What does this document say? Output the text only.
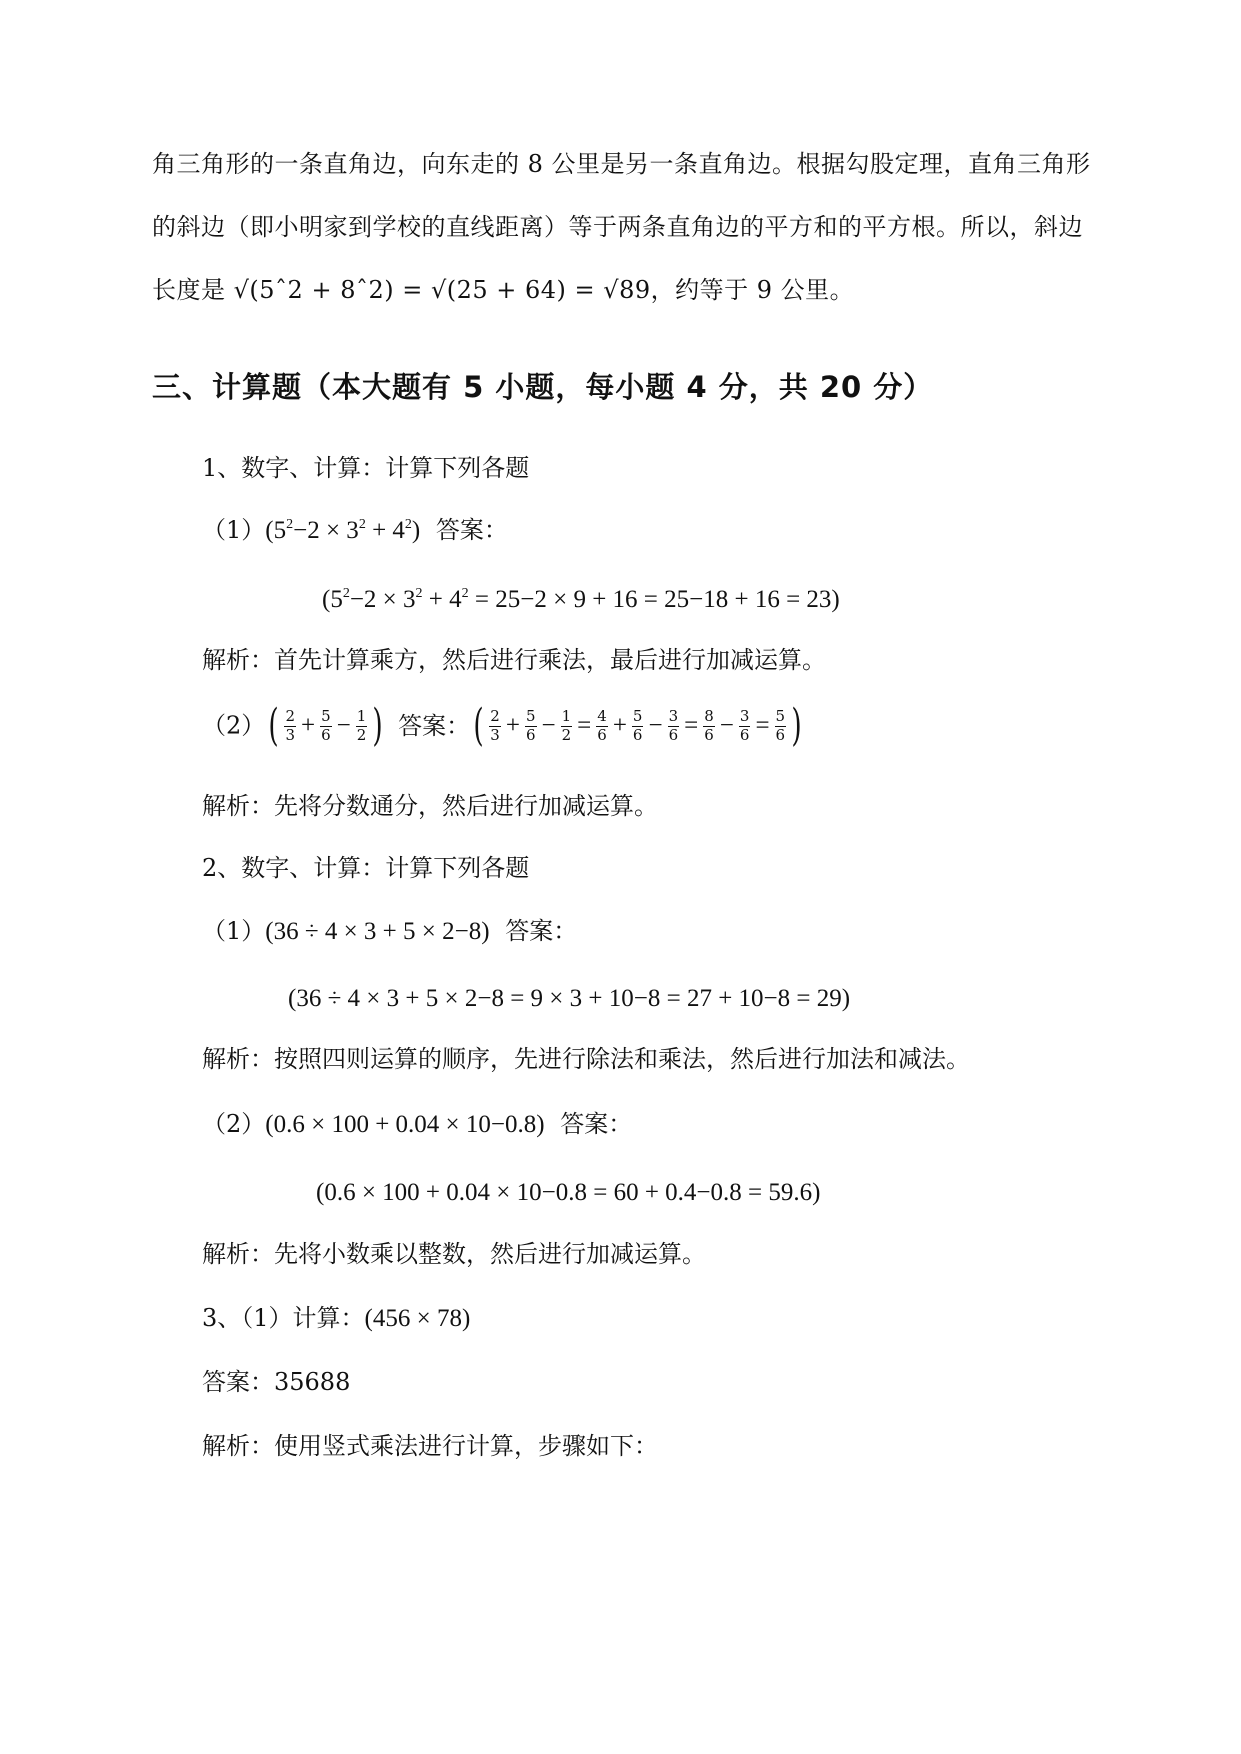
角三角形的一条直角边，向东走的 8 公里是另一条直角边。根据勾股定理，直角三角形
的斜边（即小明家到学校的直线距离）等于两条直角边的平方和的平方根。所以，斜边
长度是 √(5ˆ2 + 8ˆ2) = √(25 + 64) = √89，约等于 9 公里。
三、计算题（本大题有 5 小题，每小题 4 分，共 20 分）
1、数字、计算：计算下列各题
$(1)(5^2-2 \times 3^2 + 4^2)$ 答案：
$(5^2-2 \times 3^2 + 4^2 = 25-2 \times 9 + 16 = 25-18 + 16 = 23)$
解析：首先计算乘方，然后进行乘法，最后进行加减运算。
$(2)( \frac{2}{3} + \frac{5}{6} - \frac{1}{2}$ ) 答案：( $\frac{2}{3} + \frac{5}{6} - \frac{1}{2} = \frac{4}{6} + \frac{5}{6} - \frac{3}{6} = \frac{8}{6} - \frac{3}{6} = \frac{5}{6}$ )
解析：先将分数通分，然后进行加减运算。
2、数字、计算：计算下列各题
（1）(36 ÷ 4 × 3 + 5 × 2−8) 答案：
(36 ÷ 4 × 3 + 5 × 2−8 = 9 × 3 + 10−8 = 27 + 10−8 = 29)
解析：按照四则运算的顺序，先进行除法和乘法，然后进行加法和减法。
（2）(0.6 × 100 + 0.04 × 10−0.8) 答案：
(0.6 × 100 + 0.04 × 10−0.8 = 60 + 0.4−0.8 = 59.6)
解析：先将小数乘以整数，然后进行加减运算。
3、（1）计算：(456 × 78)
答案：35688
解析：使用竖式乘法进行计算，步骤如下：
